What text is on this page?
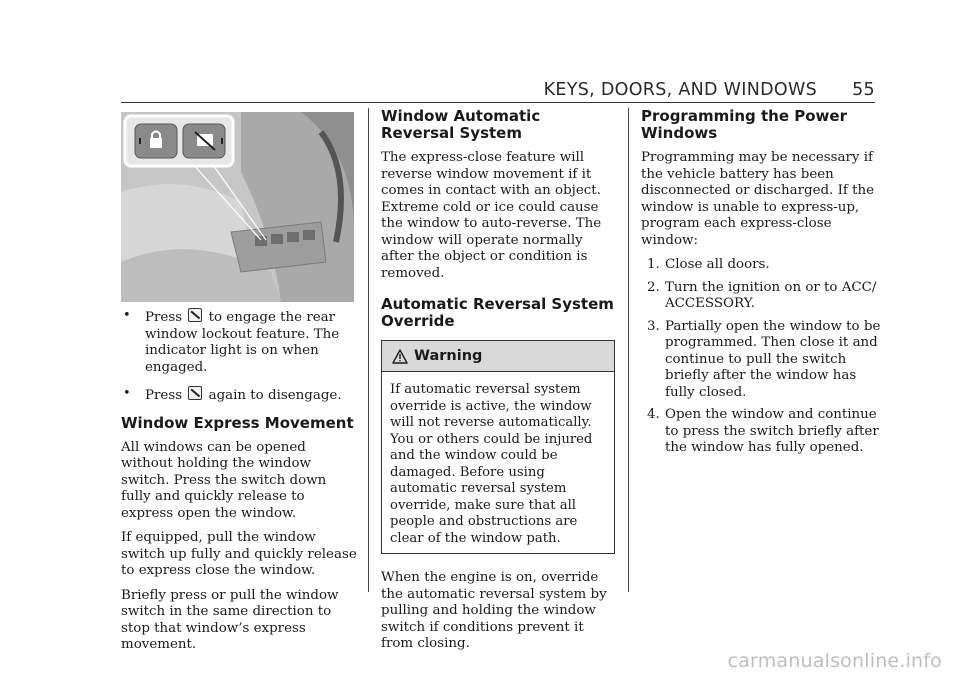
KEYS, DOORS, AND WINDOWS 55
• Press  to engage the rear window lockout feature. The indicator light is on when engaged.
• Press  again to disengage.
Window Express Movement

All windows can be opened without holding the window switch. Press the switch down fully and quickly release to express open the window.

If equipped, pull the window switch up fully and quickly release to express close the window.

Briefly press or pull the window switch in the same direction to stop that window’s express movement.

Window Automatic Reversal System

The express-close feature will reverse window movement if it comes in contact with an object. Extreme cold or ice could cause the window to auto-reverse. The window will operate normally after the object or condition is removed.

Automatic Reversal System Override
Warning
If automatic reversal system override is active, the window will not reverse automatically. You or others could be injured and the window could be damaged. Before using automatic reversal system override, make sure that all people and obstructions are clear of the window path.

When the engine is on, override the automatic reversal system by pulling and holding the window switch if conditions prevent it from closing.

Programming the Power Windows

Programming may be necessary if the vehicle battery has been disconnected or discharged. If the window is unable to express-up, program each express-close window:

1. Close all doors.
2. Turn the ignition on or to ACC/ ACCESSORY.
3. Partially open the window to be programmed. Then close it and continue to pull the switch briefly after the window has fully closed.
4. Open the window and continue to press the switch briefly after the window has fully opened.
carmanualsonline.info
